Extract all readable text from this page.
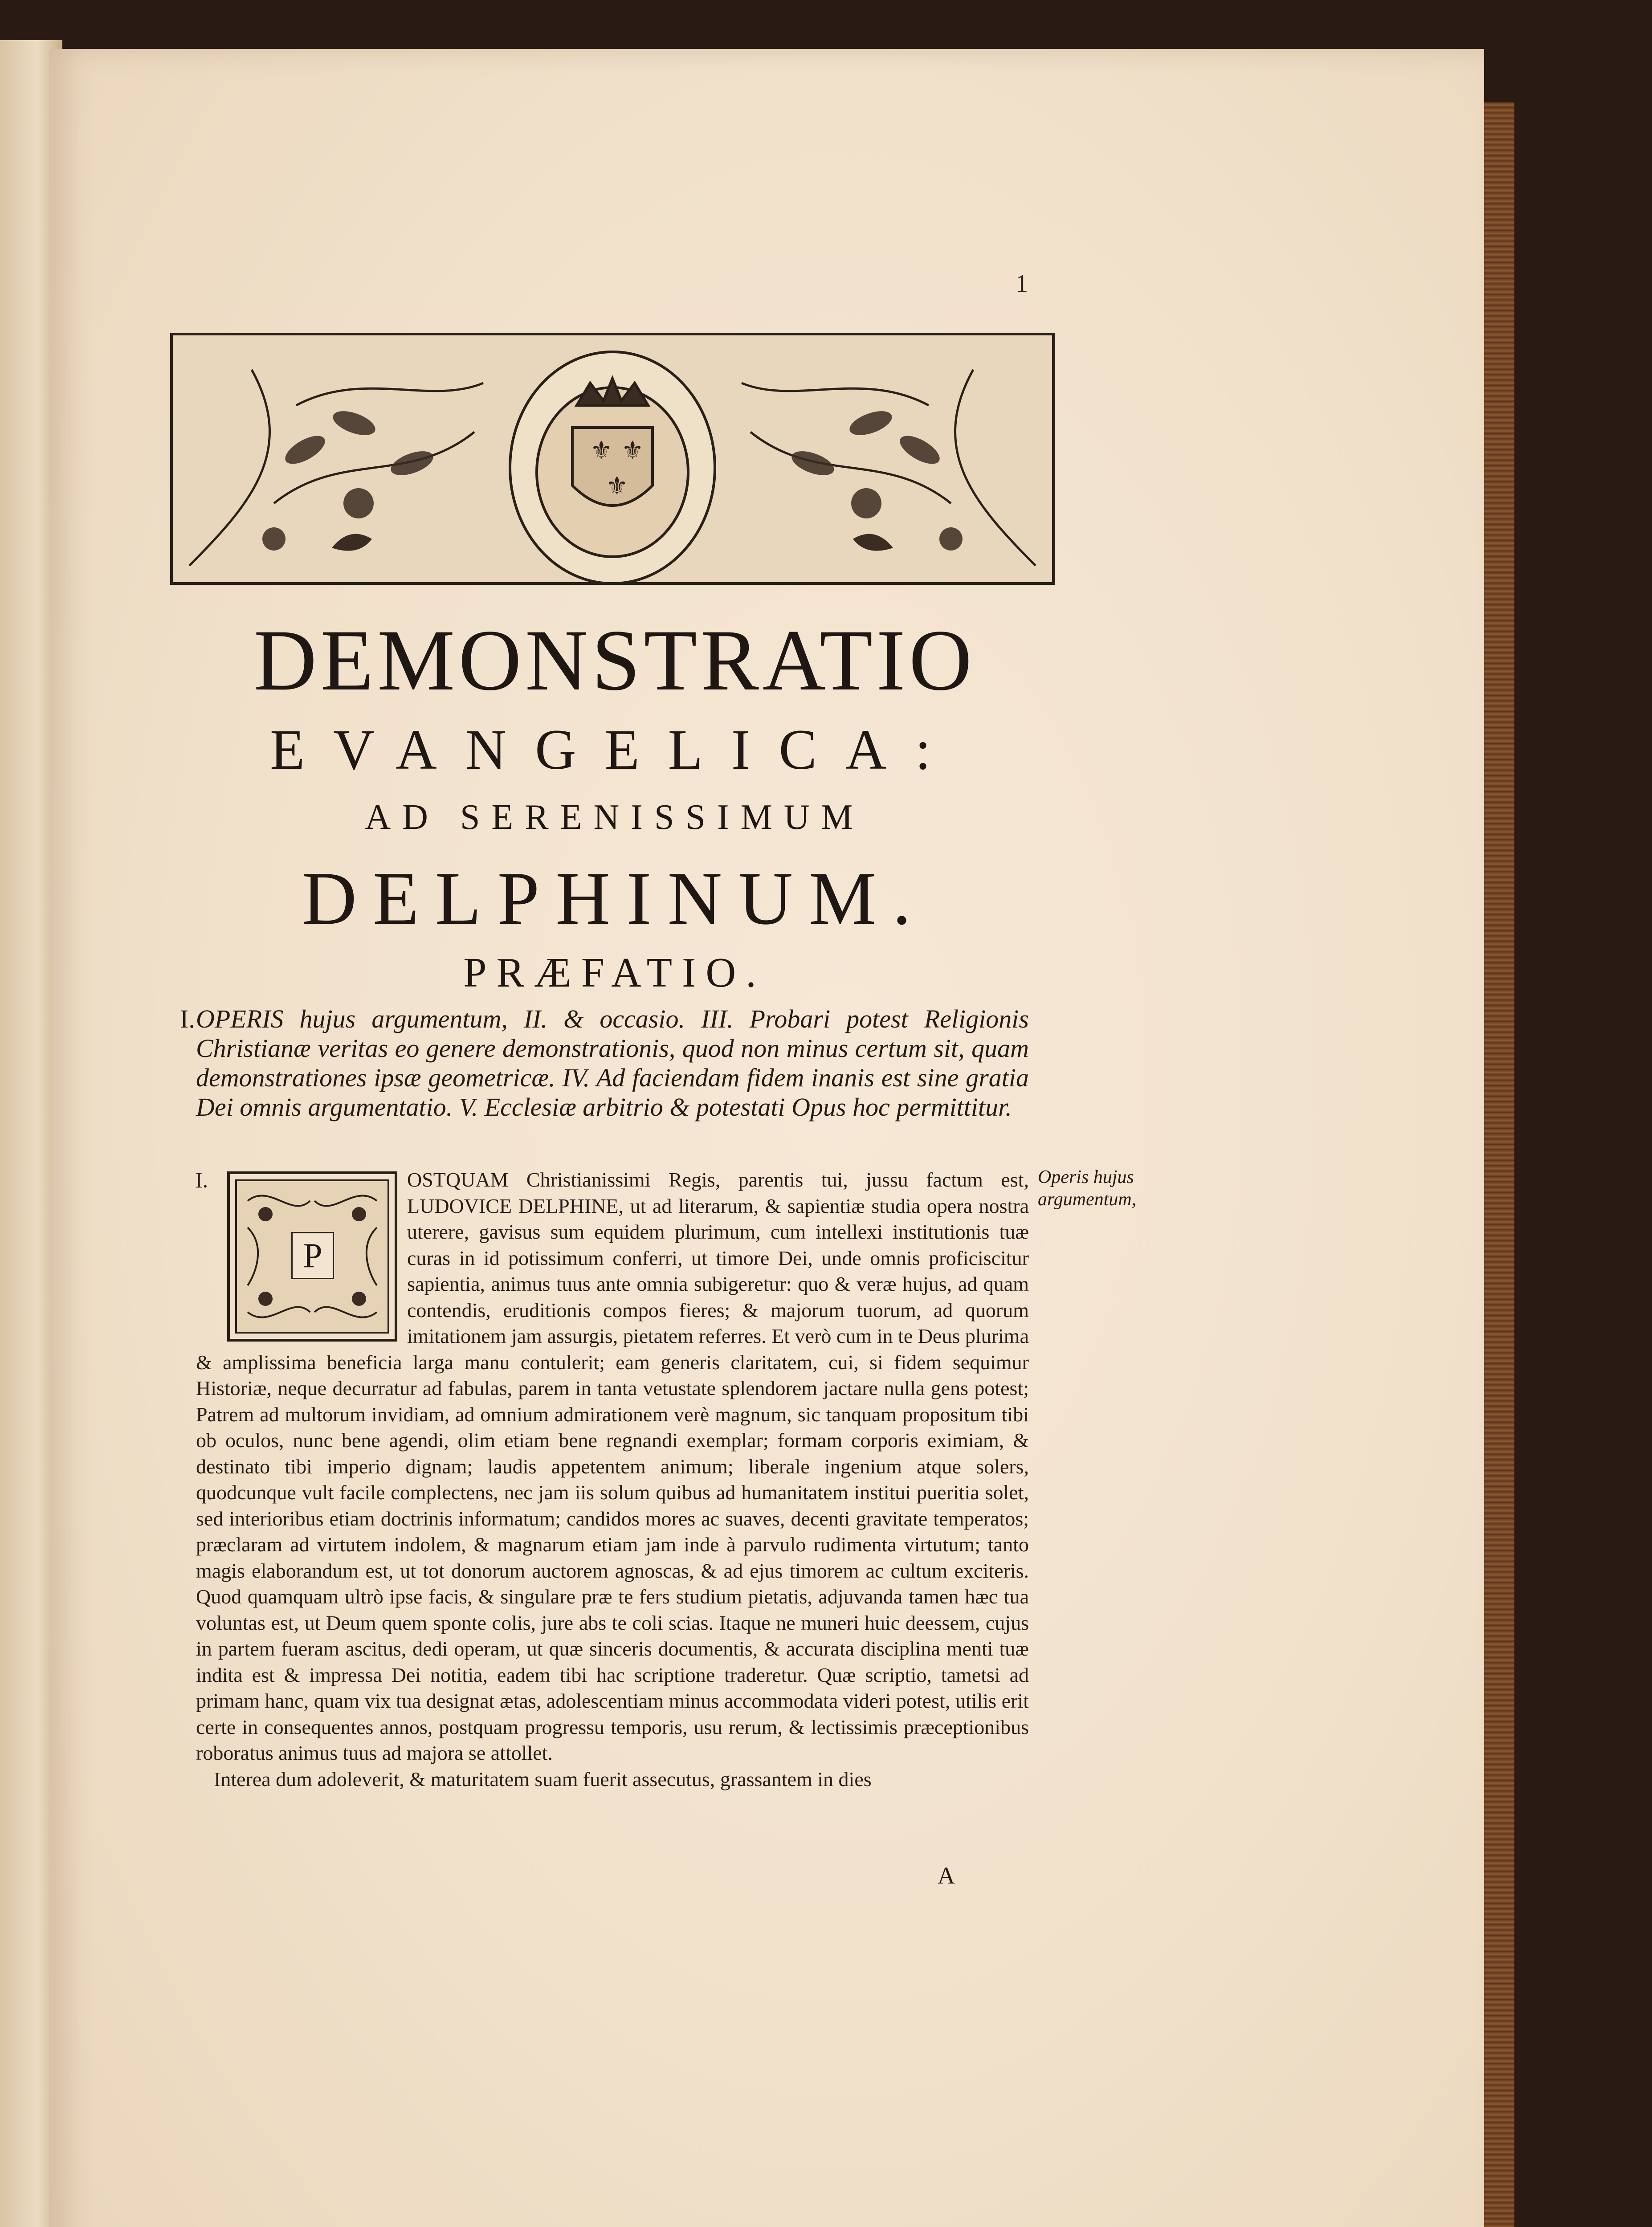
1
⚜ ⚜
⚜
DEMONSTRATIO
EVANGELICA:
AD SERENISSIMUM
DELPHINUM.
PRÆFATIO.
I. OPERIS hujus argumentum, II. & occasio. III. Probari potest Religionis Christianæ veritas eo genere demonstrationis, quod non minus certum sit, quam demonstrationes ipsæ geometricæ. IV. Ad faciendam fidem inanis est sine gratia Dei omnis argumentatio. V. Ecclesiæ arbitrio & potestati Opus hoc permittitur.

I.
P

OSTQUAM Christianissimi Regis, parentis tui, jussu factum est, LUDOVICE DELPHINE, ut ad literarum, & sapientiæ studia opera nostra uterere, gavisus sum equidem plurimum, cum intellexi institutionis tuæ curas in id potissimum conferri, ut timore Dei, unde omnis proficiscitur sapientia, animus tuus ante omnia subigeretur: quo & veræ hujus, ad quam contendis, eruditionis compos fieres; & majorum tuorum, ad quorum imitationem jam assurgis, pietatem referres. Et verò cum in te Deus plurima & amplissima beneficia larga manu contulerit; eam generis claritatem, cui, si fidem sequimur Historiæ, neque decurratur ad fabulas, parem in tanta vetustate splendorem jactare nulla gens potest; Patrem ad multorum invidiam, ad omnium admirationem verè magnum, sic tanquam propositum tibi ob oculos, nunc bene agendi, olim etiam bene regnandi exemplar; formam corporis eximiam, & destinato tibi imperio dignam; laudis appetentem animum; liberale ingenium atque solers, quodcunque vult facile complectens, nec jam iis solum quibus ad humanitatem institui pueritia solet, sed interioribus etiam doctrinis informatum; candidos mores ac suaves, decenti gravitate temperatos; præclaram ad virtutem indolem, & magnarum etiam jam inde à parvulo rudimenta virtutum; tanto magis elaborandum est, ut tot donorum auctorem agnoscas, & ad ejus timorem ac cultum exciteris. Quod quamquam ultrò ipse facis, & singulare præ te fers studium pietatis, adjuvanda tamen hæc tua voluntas est, ut Deum quem sponte colis, jure abs te coli scias. Itaque ne muneri huic deessem, cujus in partem fueram ascitus, dedi operam, ut quæ sinceris documentis, & accurata disciplina menti tuæ indita est & impressa Dei notitia, eadem tibi hac scriptione traderetur. Quæ scriptio, tametsi ad primam hanc, quam vix tua designat ætas, adolescentiam minus accommodata videri potest, utilis erit certe in consequentes annos, postquam progressu temporis, usu rerum, & lectissimis præceptionibus roboratus animus tuus ad majora se attollet.

Interea dum adoleverit, & maturitatem suam fuerit assecutus, grassantem in dies

Operis hujus argumentum,
A
